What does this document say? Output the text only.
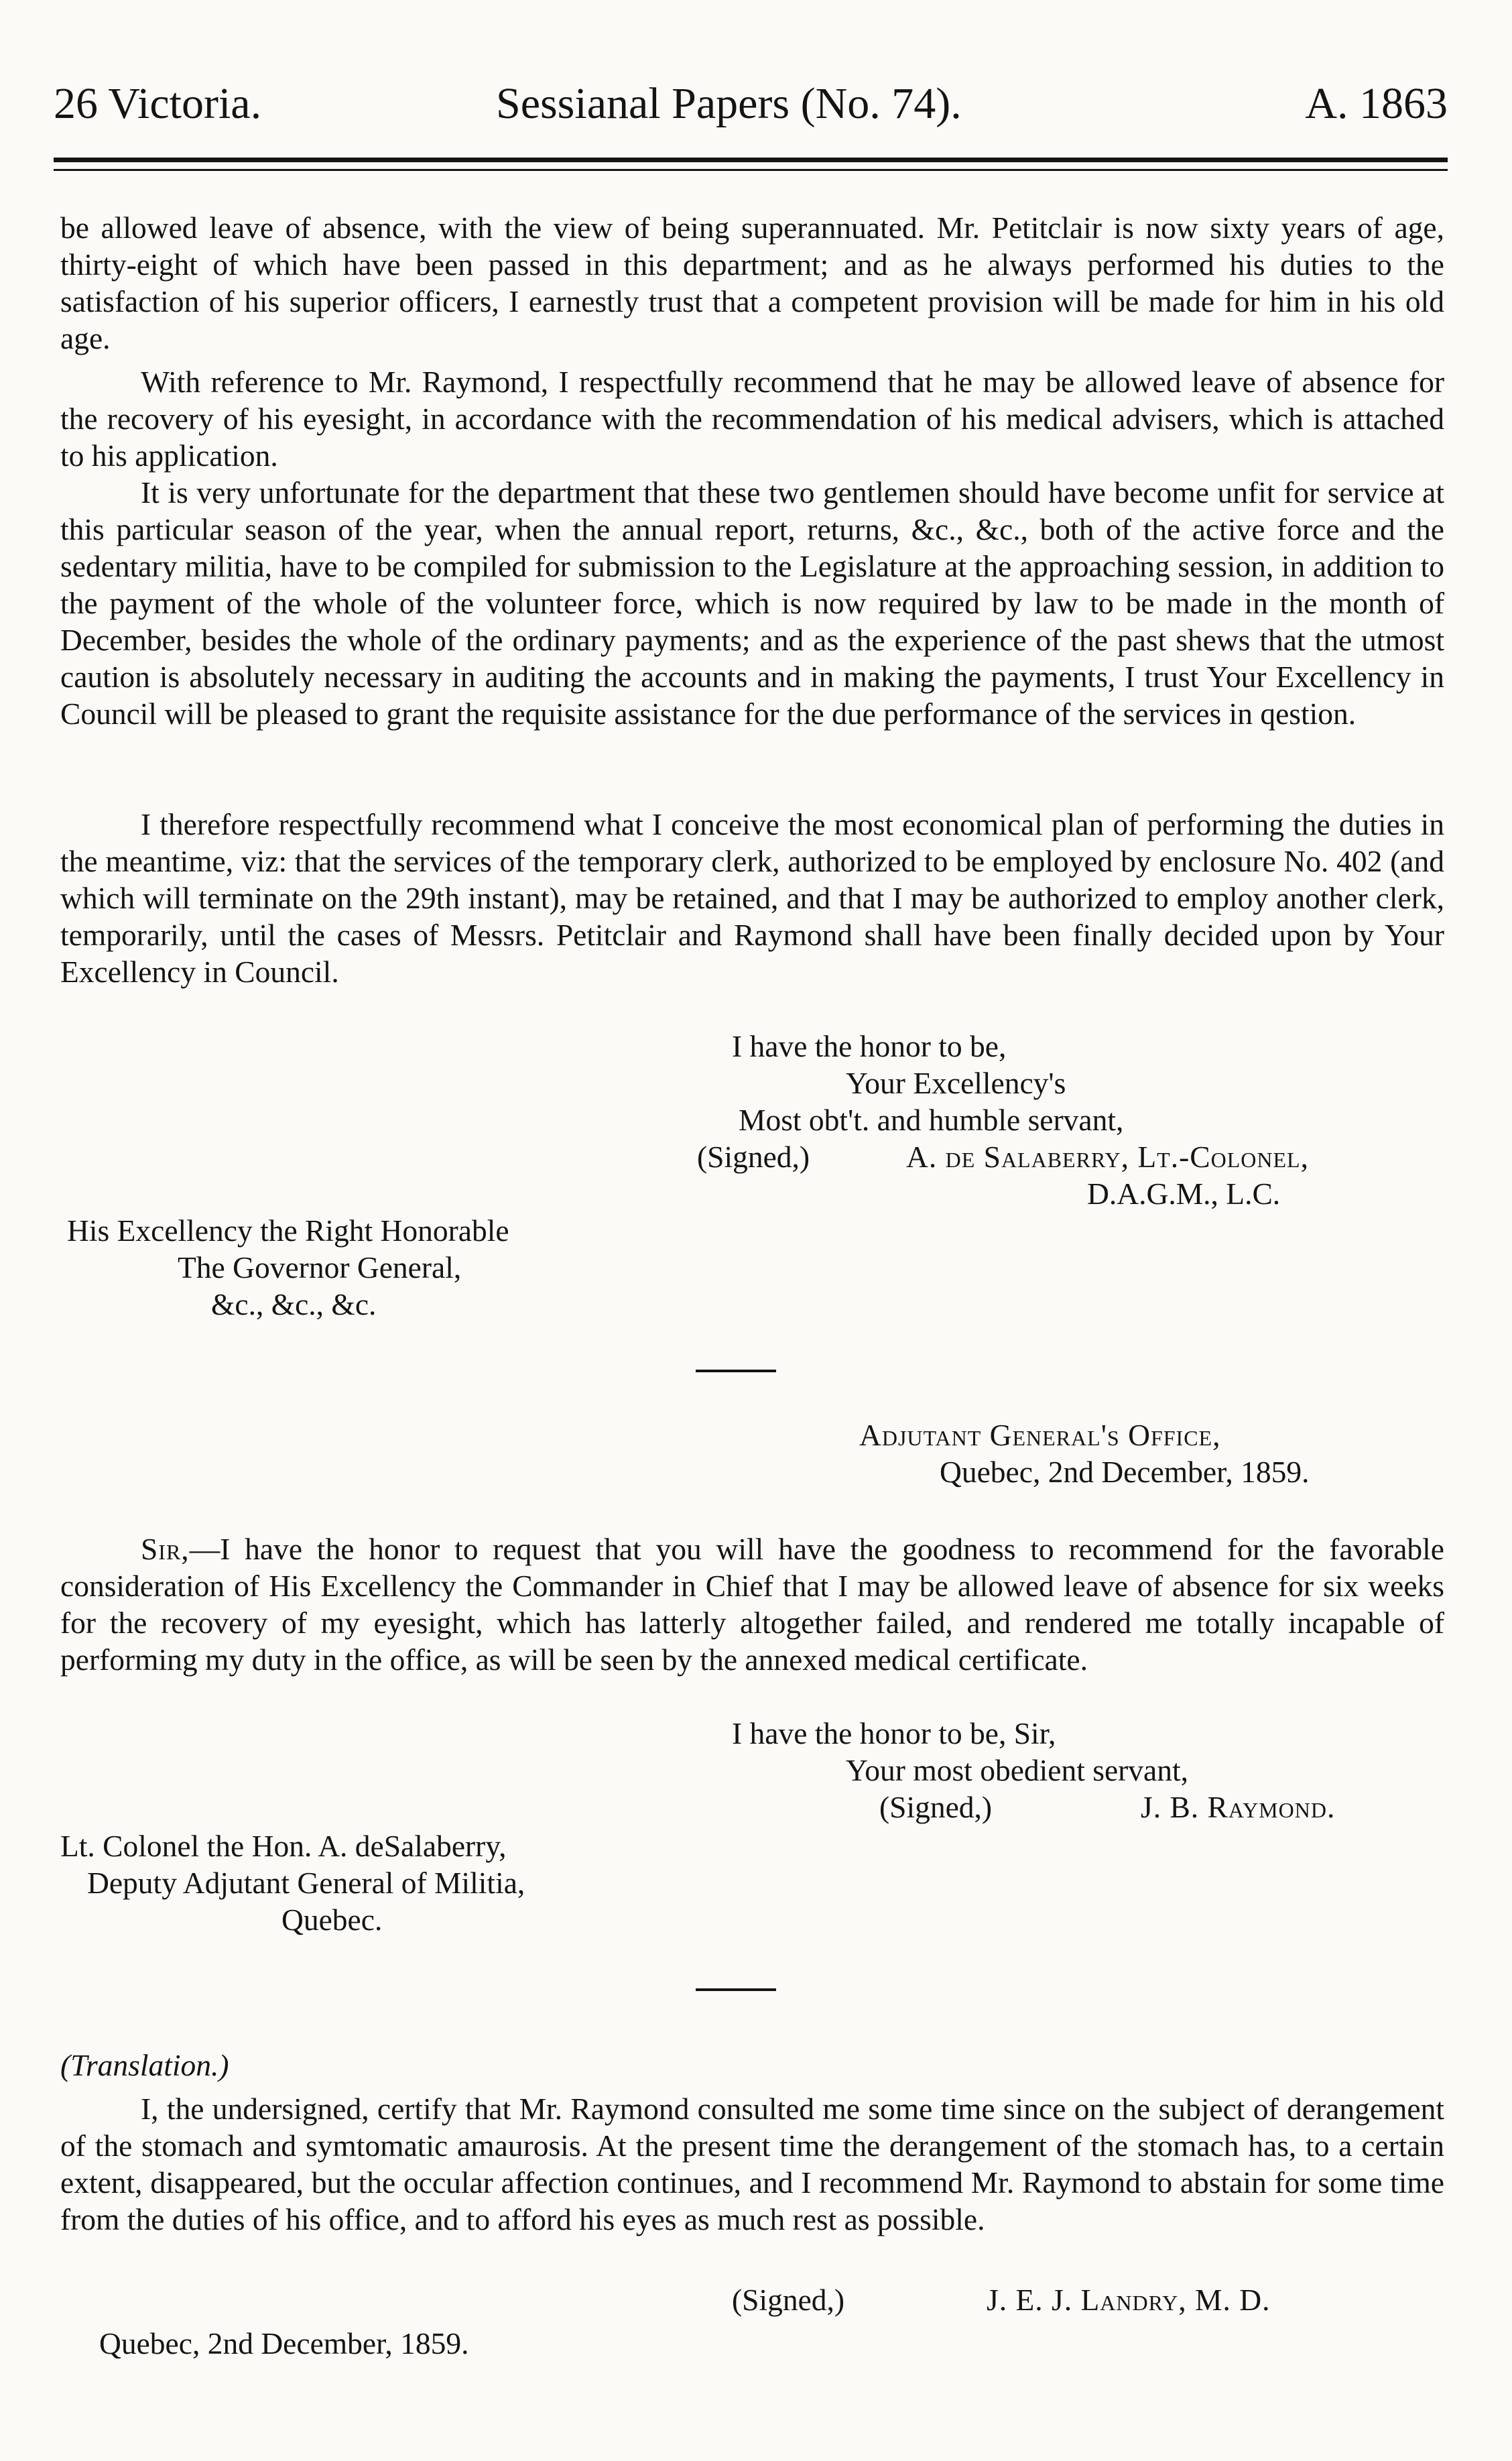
26 Victoria.	Sessianal Papers (No. 74).	A. 1863

be allowed leave of absence, with the view of being superannuated. Mr. Petitclair is now sixty years of age, thirty-eight of which have been passed in this department; and as he always performed his duties to the satisfaction of his superior officers, I earnestly trust that a competent provision will be made for him in his old age.

With reference to Mr. Raymond, I respectfully recommend that he may be allowed leave of absence for the recovery of his eyesight, in accordance with the recommendation of his medical advisers, which is attached to his application.

It is very unfortunate for the department that these two gentlemen should have become unfit for service at this particular season of the year, when the annual report, returns, &c., &c., both of the active force and the sedentary militia, have to be compiled for submission to the Legislature at the approaching session, in addition to the payment of the whole of the volunteer force, which is now required by law to be made in the month of December, besides the whole of the ordinary payments; and as the experience of the past shews that the utmost caution is absolutely necessary in auditing the accounts and in making the payments, I trust Your Excellency in Council will be pleased to grant the requisite assistance for the due performance of the services in qestion.

I therefore respectfully recommend what I conceive the most economical plan of performing the duties in the meantime, viz: that the services of the temporary clerk, authorized to be employed by enclosure No. 402 (and which will terminate on the 29th instant), may be retained, and that I may be authorized to employ another clerk, temporarily, until the cases of Messrs. Petitclair and Raymond shall have been finally decided upon by Your Excellency in Council.

I have the honor to be,

Your Excellency's

Most obt't. and humble servant,

(Signed,)	A. de Salaberry, Lt.-Colonel,

D.A.G.M., L.C.

His Excellency the Right Honorable

The Governor General,

&c., &c., &c.

Adjutant General's Office,

Quebec, 2nd December, 1859.

Sir,—I have the honor to request that you will have the goodness to recommend for the favorable consideration of His Excellency the Commander in Chief that I may be allowed leave of absence for six weeks for the recovery of my eyesight, which has latterly altogether failed, and rendered me totally incapable of performing my duty in the office, as will be seen by the annexed medical certificate.

I have the honor to be, Sir,

Your most obedient servant,

(Signed,)	J. B. Raymond.

Lt. Colonel the Hon. A. deSalaberry,

Deputy Adjutant General of Militia,

Quebec.

(Translation.)

I, the undersigned, certify that Mr. Raymond consulted me some time since on the subject of derangement of the stomach and symtomatic amaurosis. At the present time the derangement of the stomach has, to a certain extent, disappeared, but the occular affection continues, and I recommend Mr. Raymond to abstain for some time from the duties of his office, and to afford his eyes as much rest as possible.

(Signed,)	J. E. J. Landry, M. D.

Quebec, 2nd December, 1859.
